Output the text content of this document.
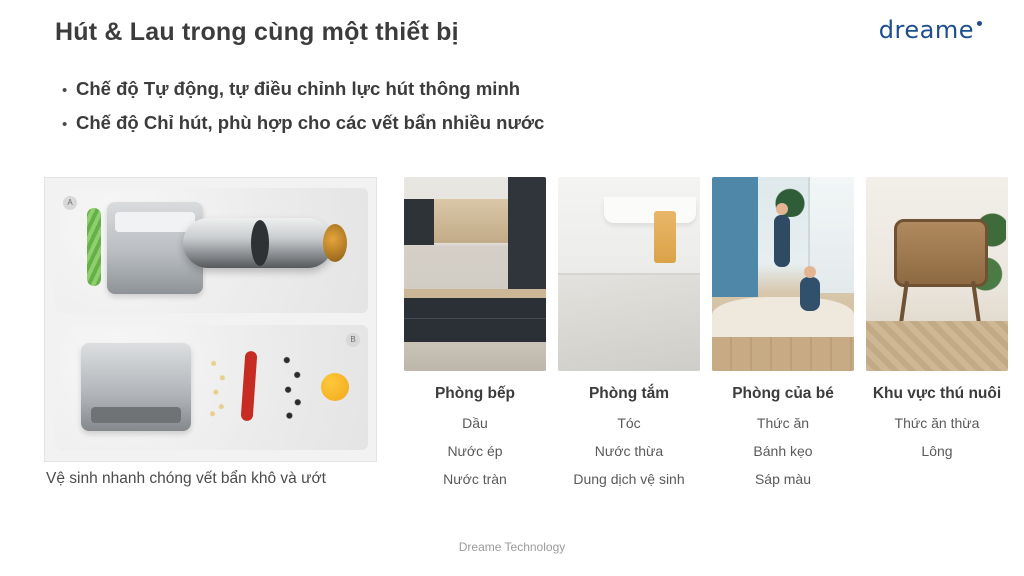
dreame
Hút & Lau trong cùng một thiết bị
• Chế độ Tự động, tự điều chỉnh lực hút thông minh
• Chế độ Chỉ hút, phù hợp cho các vết bẩn nhiều nước
A
B
Vệ sinh nhanh chóng vết bẩn khô và ướt
Phòng bếp
Dầu
Nước ép
Nước tràn
Phòng tắm
Tóc
Nước thừa
Dung dịch vệ sinh
Phòng của bé
Thức ăn
Bánh kẹo
Sáp màu
Khu vực thú nuôi
Thức ăn thừa
Lông
Dreame Technology
